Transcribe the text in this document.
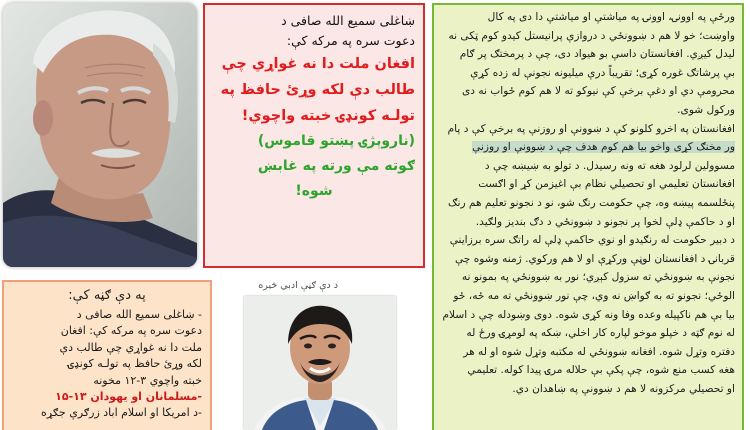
ښاغلی سمیع الله صافی د
دعوت سره په مرکه کې:
افغان ملت دا نه غواړي چې
طالب دې لکه وړئ حافظ په
تولـه کونډۍ خبته واچوي!
(ناروېژۍ پښتو قاموس)
ګوته مې ورته په غابښ
شوه!

ورځې په اوونۍ، اوونۍ په میاشتې او میاشتې دا دی په کال

واوښت؛ خو لا هم د ښوونځي د دروازې پرانیستل کیدو کوم ټکی نه

لیدل کیږي. افغانستان داسې بو هیواد دی، چې د پرمختګ پر ګام

بې پرشاتګ غوره کړی؛ تقریباً درې میلیونه نجونې له زده کړې

محرومې دي او دغې برخې کې نیوکو ته لا هم کوم ځواب نه دی

ورکول شوی.

افغانستان په اخرو کلونو کې د ښوونې او روزنې په برخې کې د پام

ور مخنګ کړی واخو بیا هم کوم هدف چې د ښوونې او روزنې

مسوولین لرلود هغه ته ونه رسیدل. د تولو به ښیښه چې د

افغانستان تعلیمي او تحصیلي نظام بې اغیزمن کړ او اګست

پنځلسمه پیښه وه، چې حکومت رنګ شو، نو د نجونو تعلیم هم رنګ

او د حاکمې ډلې لخوا پر نجونو د ښوونځي د دګ بندیز ولګید.

د دبیر حکومت له رنګیدو او نوي حاکمې ډلې له راتګ سره برزاینې

قربانۍ د افغانستان لوڼې ورکړې او لا هم ورکوي. ژمنه وشوه چې

نجونې به ښوونځي ته سزول کېږي؛ نور به ښوونځي په بمونو نه

الوځي؛ نجونو ته به ګواښ نه وي، چې نور ښوونځي ته مه ځه، ځو

بیا بې هم ناکپيله وعده وفا ونه کړی شوه. دوی وښودله چې د اسلام

له نوم ګټه د خپلو موخو لپاره کار اخلي، ښکه په لومړۍ ورځ له

دفتره وتړل شوه. افغانه ښوونځي له مکتبه وتړل شوه او له هر

هغه کسب منع شوه، چې پکې بې حلاله مرۍ پیدا کوله. تعلیمي

او تحصیلي مرکزونه لا هم د ښوونې په ښاهدان دي.

په دې ګڼه کې:
- ښاغلی سمیع الله صافی د
دعوت سره په مرکه کې: افغان
ملت دا نه غواړي چې طالب دې
لکه وړئ حافظ په تولـه کونډۍ
خبته واچوي ۳-۱۲ مخونه
-مسلمانان او یهودان ۱۳-۱۵
-د امریکا او اسلام اباد زرګرې جګړه
د دې ګڼې ادبي څیره
